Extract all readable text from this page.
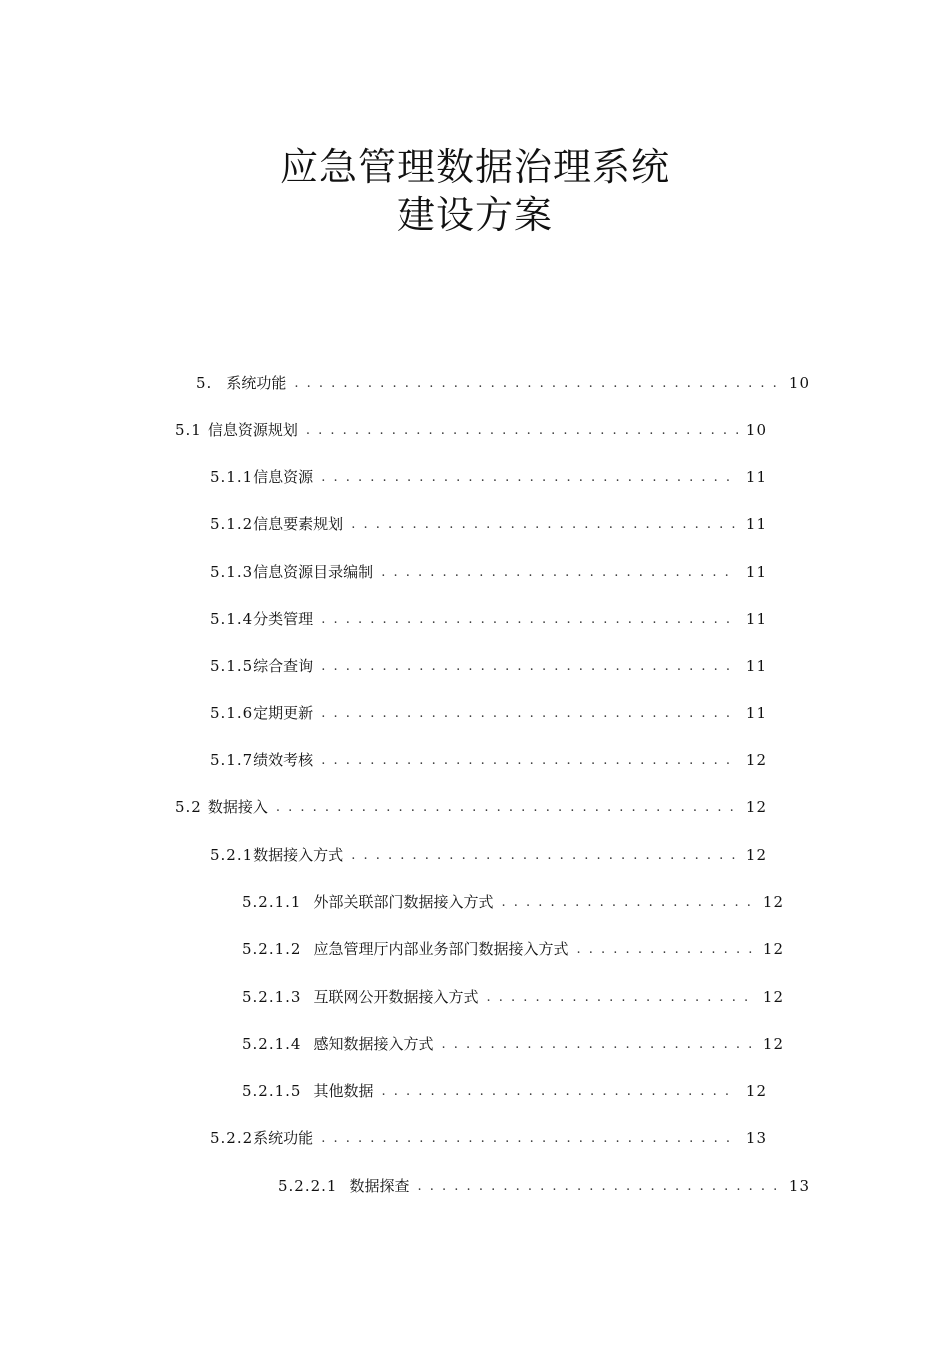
应急管理数据治理系统
建设方案
5. 系统功能 . . .	10
5.1 信息资源规划 . . .	10
5.1.1 信息资源 . . .	11
5.1.2 信息要素规划 . . .	11
5.1.3 信息资源目录编制 . . .	11
5.1.4 分类管理 . . .	11
5.1.5 综合查询 . . .	11
5.1.6 定期更新 . . .	11
5.1.7 绩效考核 . . .	12
5.2 数据接入 . . .	12
5.2.1 数据接入方式 . . .	12
5.2.1.1 外部关联部门数据接入方式 . . .	12
5.2.1.2 应急管理厅内部业务部门数据接入方式 . . .	12
5.2.1.3 互联网公开数据接入方式 . . .	12
5.2.1.4 感知数据接入方式 . . .	12
5.2.1.5 其他数据 . . .	12
5.2.2 系统功能 . . .	13
5.2.2.1 数据探查 . . .	13
